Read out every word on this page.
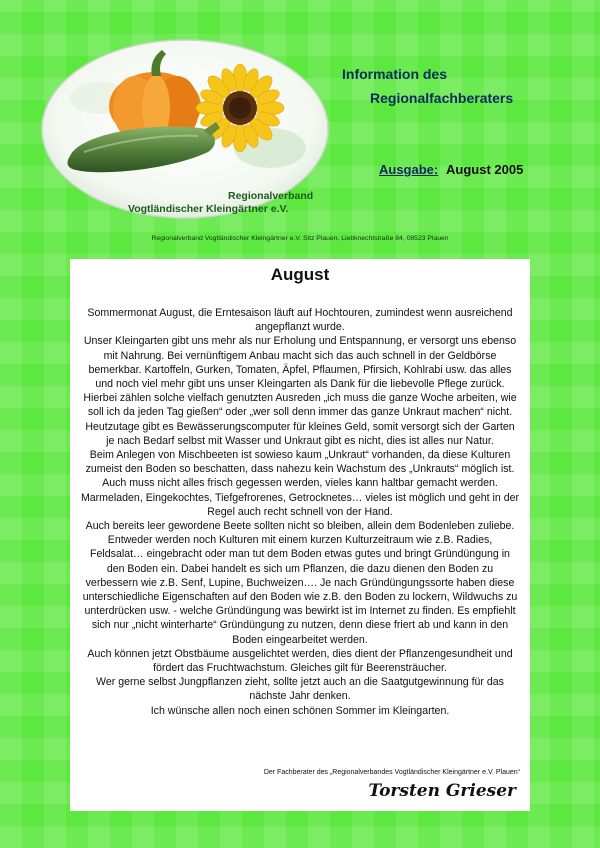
Regionalverband
Vogtländischer Kleingärtner e.V.
Information des
Regionalfachberaters
Ausgabe: August 2005
Regionalverband Vogtländischer Kleingärtner e.V. Sitz Plauen, Liebknechtstraße 84, 08523 Plauen
August

Sommermonat August, die Erntesaison läuft auf Hochtouren, zumindest wenn ausreichend angepflanzt wurde.

Unser Kleingarten gibt uns mehr als nur Erholung und Entspannung, er versorgt uns ebenso mit Nahrung. Bei vernünftigem Anbau macht sich das auch schnell in der Geldbörse bemerkbar. Kartoffeln, Gurken, Tomaten, Äpfel, Pflaumen, Pfirsich, Kohlrabi usw. das alles und noch viel mehr gibt uns unser Kleingarten als Dank für die liebevolle Pflege zurück. Hierbei zählen solche vielfach genutzten Ausreden „ich muss die ganze Woche arbeiten, wie soll ich da jeden Tag gießen“ oder „wer soll denn immer das ganze Unkraut machen“ nicht. Heutzutage gibt es Bewässerungscomputer für kleines Geld, somit versorgt sich der Garten je nach Bedarf selbst mit Wasser und Unkraut gibt es nicht, dies ist alles nur Natur.

Beim Anlegen von Mischbeeten ist sowieso kaum „Unkraut“ vorhanden, da diese Kulturen zumeist den Boden so beschatten, dass nahezu kein Wachstum des „Unkrauts“ möglich ist.

Auch muss nicht alles frisch gegessen werden, vieles kann haltbar gemacht werden. Marmeladen, Eingekochtes, Tiefgefrorenes, Getrocknetes… vieles ist möglich und geht in der Regel auch recht schnell von der Hand.

Auch bereits leer gewordene Beete sollten nicht so bleiben, allein dem Bodenleben zuliebe. Entweder werden noch Kulturen mit einem kurzen Kulturzeitraum wie z.B. Radies, Feldsalat… eingebracht oder man tut dem Boden etwas gutes und bringt Gründüngung in den Boden ein. Dabei handelt es sich um Pflanzen, die dazu dienen den Boden zu verbessern wie z.B. Senf, Lupine, Buchweizen…. Je nach Gründüngungssorte haben diese unterschiedliche Eigenschaften auf den Boden wie z.B. den Boden zu lockern, Wildwuchs zu unterdrücken usw. - welche Gründüngung was bewirkt ist im Internet zu finden. Es empfiehlt sich nur „nicht winterharte“ Gründüngung zu nutzen, denn diese friert ab und kann in den Boden eingearbeitet werden.

Auch können jetzt Obstbäume ausgelichtet werden, dies dient der Pflanzengesundheit und fördert das Fruchtwachstum. Gleiches gilt für Beerensträucher.

Wer gerne selbst Jungpflanzen zieht, sollte jetzt auch an die Saatgutgewinnung für das nächste Jahr denken.

Ich wünsche allen noch einen schönen Sommer im Kleingarten.

Der Fachberater des „Regionalverbandes Vogtländischer Kleingärtner e.V. Plauen“
Torsten Grieser
